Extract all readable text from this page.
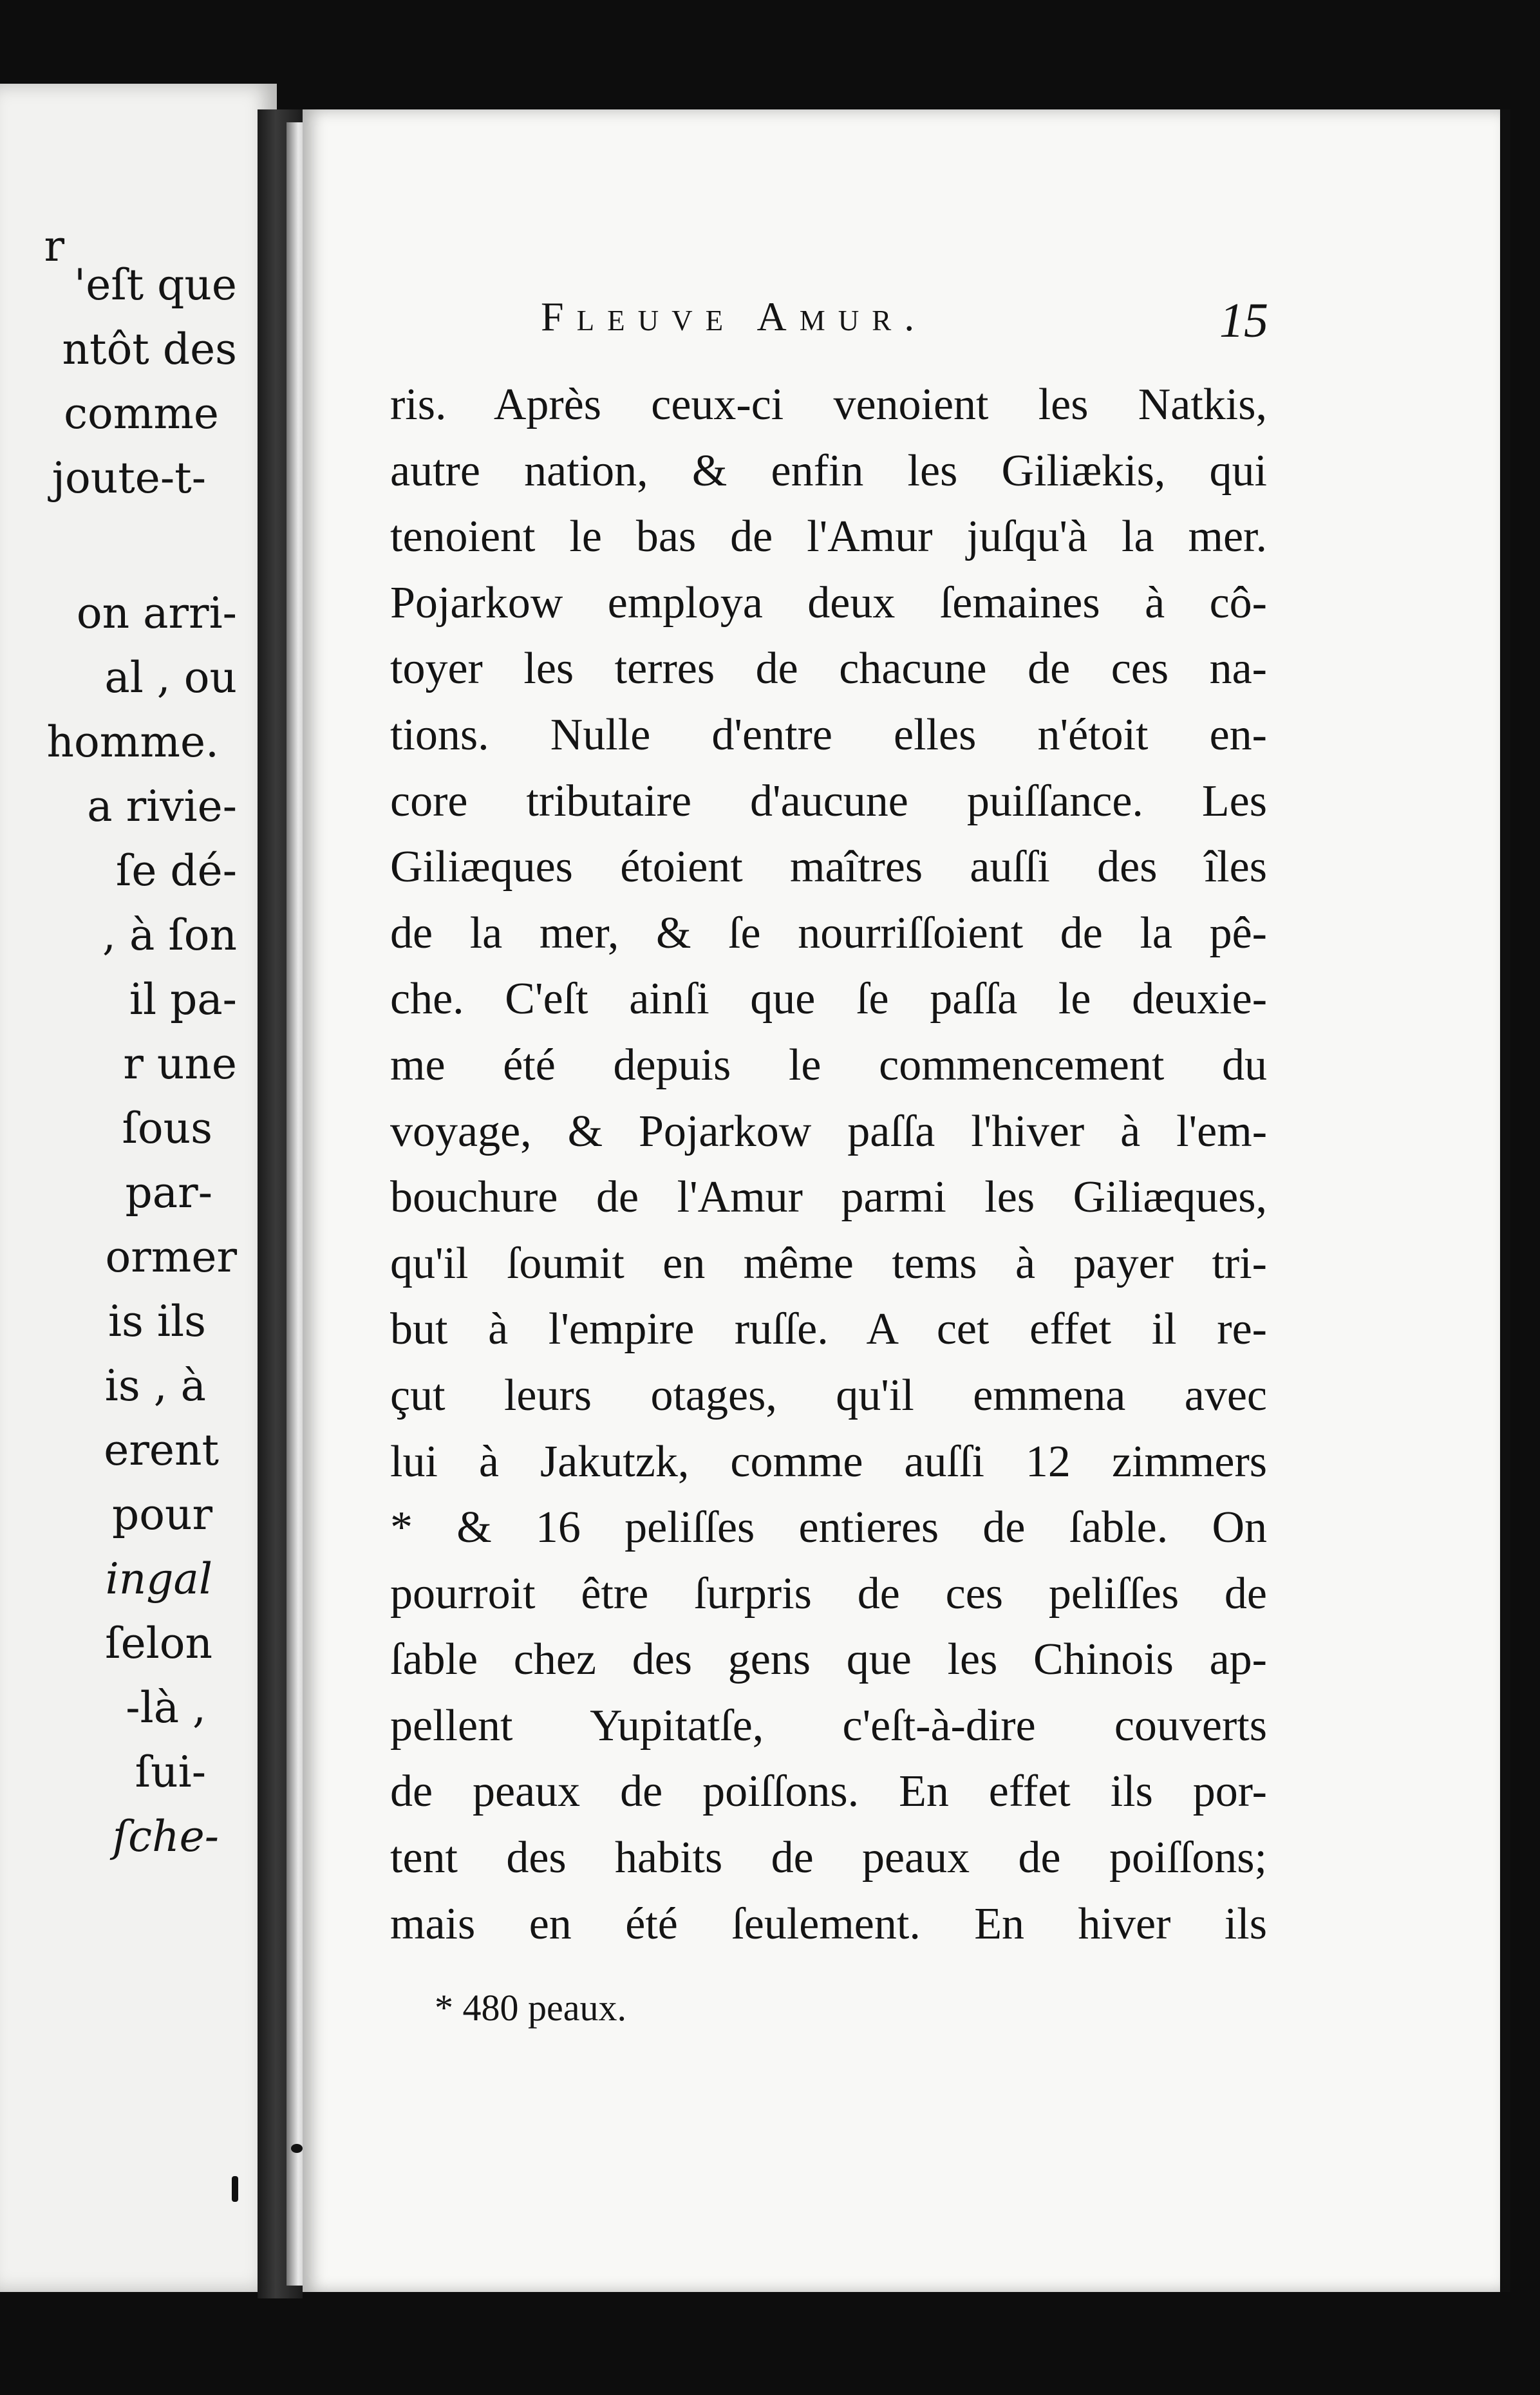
r
'eſt que
ntôt des
comme
joute-t-
on arri-
al , ou
homme.
a rivie-
ſe dé-
, à ſon
il pa-
r une
ſous
par-
ormer
is ils
is , à
erent
pour
ingal
ſelon
-là ,
ſui-
ſche-
Fleuve Amur.	15
ris. Après ceux-ci venoient les Natkis,
autre nation, & enfin les Giliækis, qui
tenoient le bas de l'Amur juſqu'à la mer.
Pojarkow employa deux ſemaines à cô-
toyer les terres de chacune de ces na-
tions. Nulle d'entre elles n'étoit en-
core tributaire d'aucune puiſſance. Les
Giliæques étoient maîtres auſſi des îles
de la mer, & ſe nourriſſoient de la pê-
che. C'eſt ainſi que ſe paſſa le deuxie-
me été depuis le commencement du
voyage, & Pojarkow paſſa l'hiver à l'em-
bouchure de l'Amur parmi les Giliæques,
qu'il ſoumit en même tems à payer tri-
but à l'empire ruſſe. A cet effet il re-
çut leurs otages, qu'il emmena avec
lui à Jakutzk, comme auſſi 12 zimmers
* & 16 peliſſes entieres de ſable. On
pourroit être ſurpris de ces peliſſes de
ſable chez des gens que les Chinois ap-
pellent Yupitatſe, c'eſt-à-dire couverts
de peaux de poiſſons. En effet ils por-
tent des habits de peaux de poiſſons;
mais en été ſeulement. En hiver ils
* 480 peaux.
